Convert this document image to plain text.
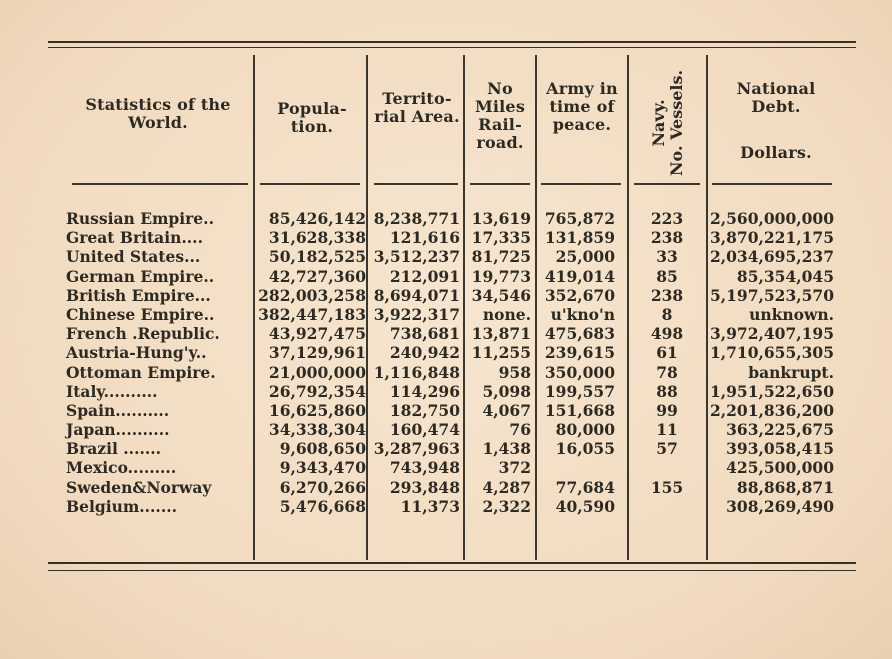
Statistics of the World.
Popula-tion.
Territo-rial Area.
No Miles Rail-road.
Army in time of peace.	Navy. No. Vessels.	National Debt.
Dollars.
Russian Empire..
Great Britain....
United States...
German Empire..
British Empire...
Chinese Empire..
French .Republic.
Austria-Hung'y..
Ottoman Empire.
Italy..........
Spain..........
Japan..........
Brazil .......
Mexico.........
Sweden&Norway
Belgium.......
85,426,142
31,628,338
50,182,525
42,727,360
282,003,258
382,447,183
43,927,475
37,129,961
21,000,000
26,792,354
16,625,860
34,338,304
9,608,650
9,343,470
6,270,266
5,476,668
8,238,771
121,616
3,512,237
212,091
8,694,071
3,922,317
738,681
240,942
1,116,848
114,296
182,750
160,474
3,287,963
743,948
293,848
11,373
13,619
17,335
81,725
19,773
34,546
none.
13,871
11,255
958
5,098
4,067
76
1,438
372
4,287
2,322
765,872
131,859
25,000
419,014
352,670
u'kno'n
475,683
239,615
350,000
199,557
151,668
80,000
16,055
77,684
40,590
223
238
33
85
238
8
498
61
78
88
99
11
57
155
2,560,000,000
3,870,221,175
2,034,695,237
85,354,045
5,197,523,570
unknown.
3,972,407,195
1,710,655,305
bankrupt.
1,951,522,650
2,201,836,200
363,225,675
393,058,415
425,500,000
88,868,871
308,269,490
